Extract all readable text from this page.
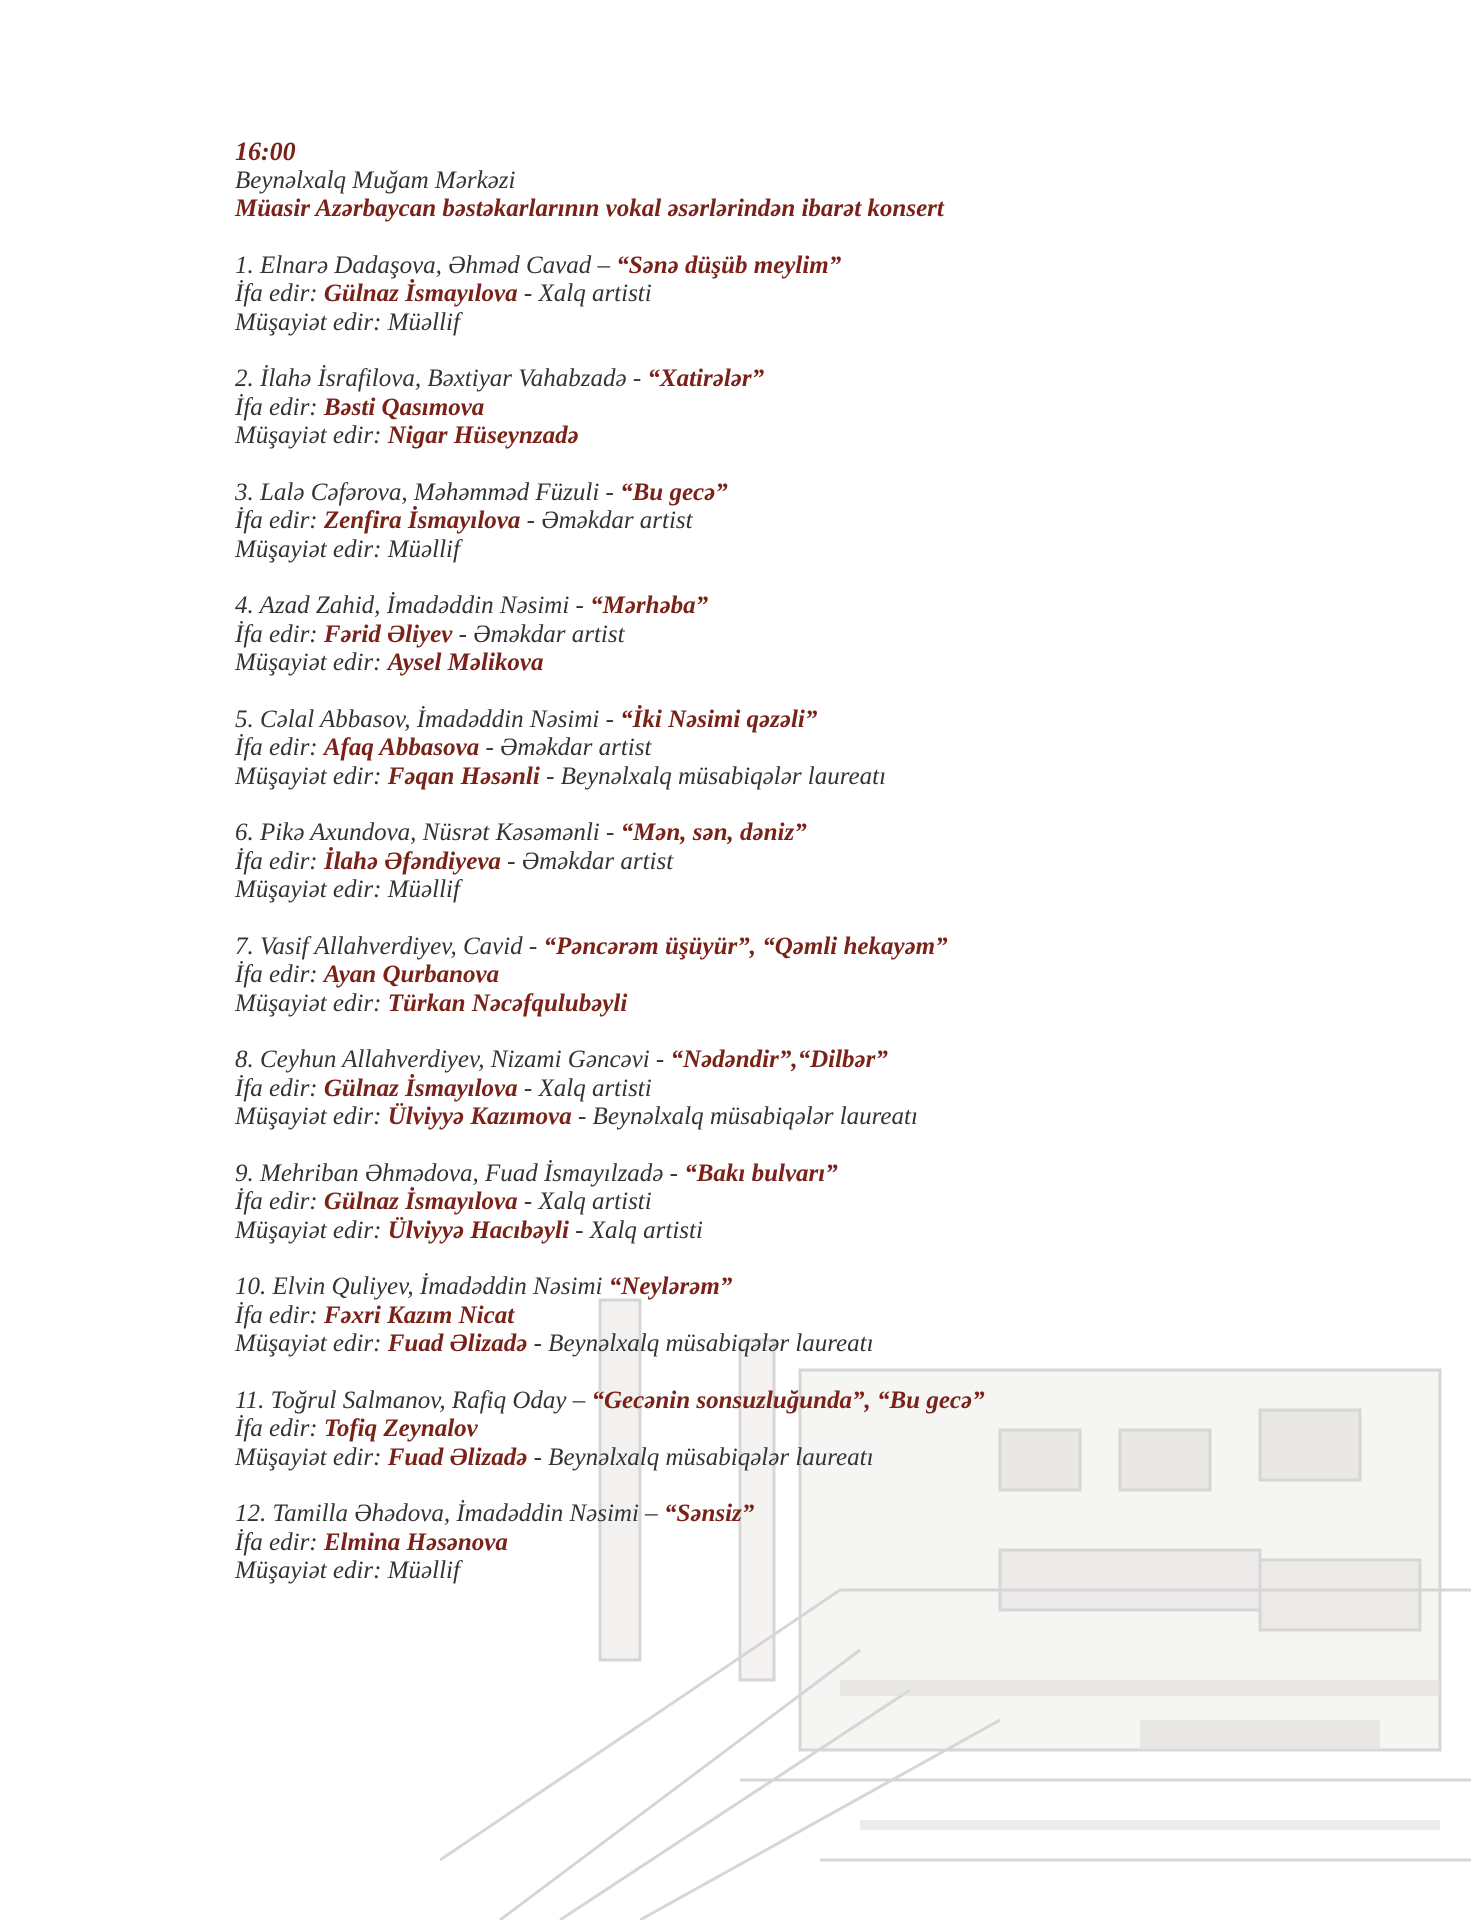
16:00
Beynəlxalq Muğam Mərkəzi
Müasir Azərbaycan bəstəkarlarının vokal əsərlərindən ibarət konsert
1. Elnarə Dadaşova, Əhməd Cavad – “Sənə düşüb meylim”
İfa edir: Gülnaz İsmayılova - Xalq artisti
Müşayiət edir: Müəllif
2. İlahə İsrafilova, Bəxtiyar Vahabzadə - “Xatirələr”
İfa edir: Bəsti Qasımova
Müşayiət edir: Nigar Hüseynzadə
3. Lalə Cəfərova, Məhəmməd Füzuli - “Bu gecə”
İfa edir: Zenfira İsmayılova - Əməkdar artist
Müşayiət edir: Müəllif
4. Azad Zahid, İmadəddin Nəsimi - “Mərhəba”
İfa edir: Fərid Əliyev - Əməkdar artist
Müşayiət edir: Aysel Məlikova
5. Cəlal Abbasov, İmadəddin Nəsimi - “İki Nəsimi qəzəli”
İfa edir: Afaq Abbasova - Əməkdar artist
Müşayiət edir: Fəqan Həsənli - Beynəlxalq müsabiqələr laureatı
6. Pikə Axundova, Nüsrət Kəsəmənli - “Mən, sən, dəniz”
İfa edir: İlahə Əfəndiyeva - Əməkdar artist
Müşayiət edir: Müəllif
7. Vasif Allahverdiyev, Cavid - “Pəncərəm üşüyür”, “Qəmli hekayəm”
İfa edir: Ayan Qurbanova
Müşayiət edir: Türkan Nəcəfqulubəyli
8. Ceyhun Allahverdiyev, Nizami Gəncəvi - “Nədəndir”,“Dilbər”
İfa edir: Gülnaz İsmayılova - Xalq artisti
Müşayiət edir: Ülviyyə Kazımova - Beynəlxalq müsabiqələr laureatı
9. Mehriban Əhmədova, Fuad İsmayılzadə - “Bakı bulvarı”
İfa edir: Gülnaz İsmayılova - Xalq artisti
Müşayiət edir: Ülviyyə Hacıbəyli - Xalq artisti
10. Elvin Quliyev, İmadəddin Nəsimi “Neylərəm”
İfa edir: Fəxri Kazım Nicat
Müşayiət edir: Fuad Əlizadə - Beynəlxalq müsabiqələr laureatı
11. Toğrul Salmanov, Rafiq Oday – “Gecənin sonsuzluğunda”, “Bu gecə”
İfa edir: Tofiq Zeynalov
Müşayiət edir: Fuad Əlizadə - Beynəlxalq müsabiqələr laureatı
12. Tamilla Əhədova, İmadəddin Nəsimi – “Sənsiz”
İfa edir: Elmina Həsənova
Müşayiət edir: Müəllif
